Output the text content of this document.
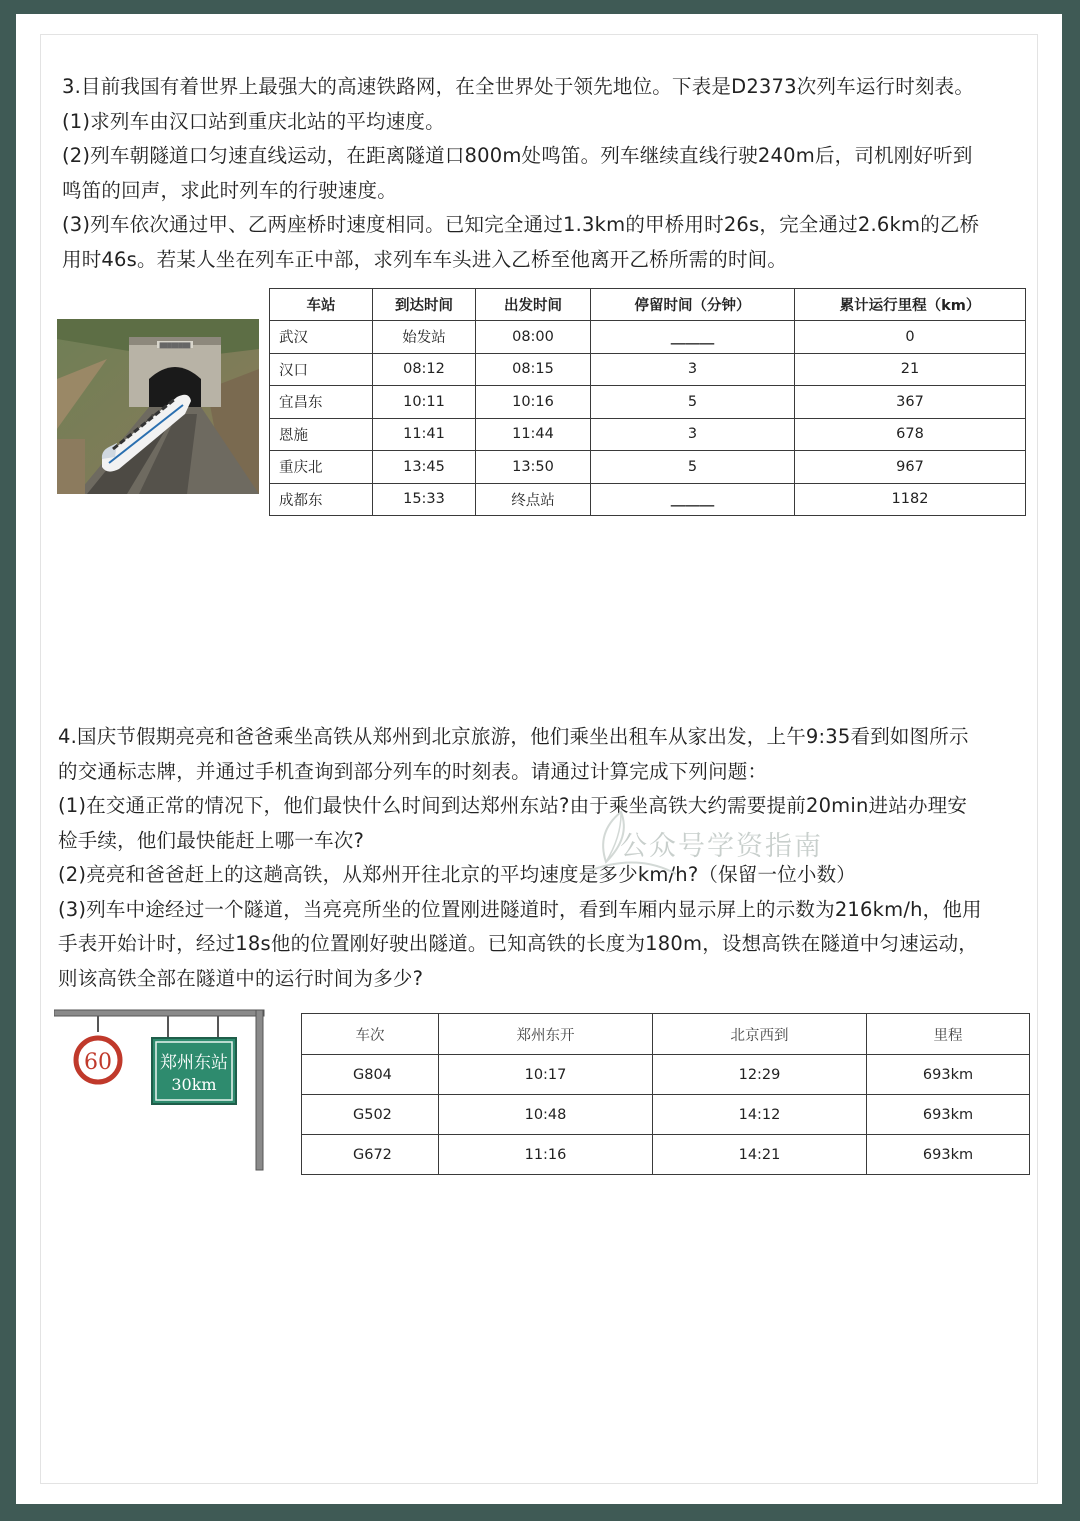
3.目前我国有着世界上最强大的高速铁路网，在全世界处于领先地位。下表是D2373次列车运行时刻表。

(1)求列车由汉口站到重庆北站的平均速度。

(2)列车朝隧道口匀速直线运动，在距离隧道口800m处鸣笛。列车继续直线行驶240m后，司机刚好听到

鸣笛的回声，求此时列车的行驶速度。

(3)列车依次通过甲、乙两座桥时速度相同。已知完全通过1.3km的甲桥用时26s，完全通过2.6km的乙桥

用时46s。若某人坐在列车正中部，求列车车头进入乙桥至他离开乙桥所需的时间。

████████
车站	到达时间	出发时间	停留时间（分钟）	累计运行里程（km）
武汉	始发站	08:00	______	0
汉口	08:12	08:15	3	21
宜昌东	10:11	10:16	5	367
恩施	11:41	11:44	3	678
重庆北	13:45	13:50	5	967
成都东	15:33	终点站	______	1182

4.国庆节假期亮亮和爸爸乘坐高铁从郑州到北京旅游，他们乘坐出租车从家出发，上午9:35看到如图所示

的交通标志牌，并通过手机查询到部分列车的时刻表。请通过计算完成下列问题：

(1)在交通正常的情况下，他们最快什么时间到达郑州东站?由于乘坐高铁大约需要提前20min进站办理安

检手续，他们最快能赶上哪一车次?

(2)亮亮和爸爸赶上的这趟高铁，从郑州开往北京的平均速度是多少km/h?（保留一位小数）

(3)列车中途经过一个隧道，当亮亮所坐的位置刚进隧道时，看到车厢内显示屏上的示数为216km/h，他用

手表开始计时，经过18s他的位置刚好驶出隧道。已知高铁的长度为180m，设想高铁在隧道中匀速运动，

则该高铁全部在隧道中的运行时间为多少?

公众号学资指南
60	郑州东站
30km
车次	郑州东开	北京西到	里程
G804	10:17	12:29	693km
G502	10:48	14:12	693km
G672	11:16	14:21	693km
